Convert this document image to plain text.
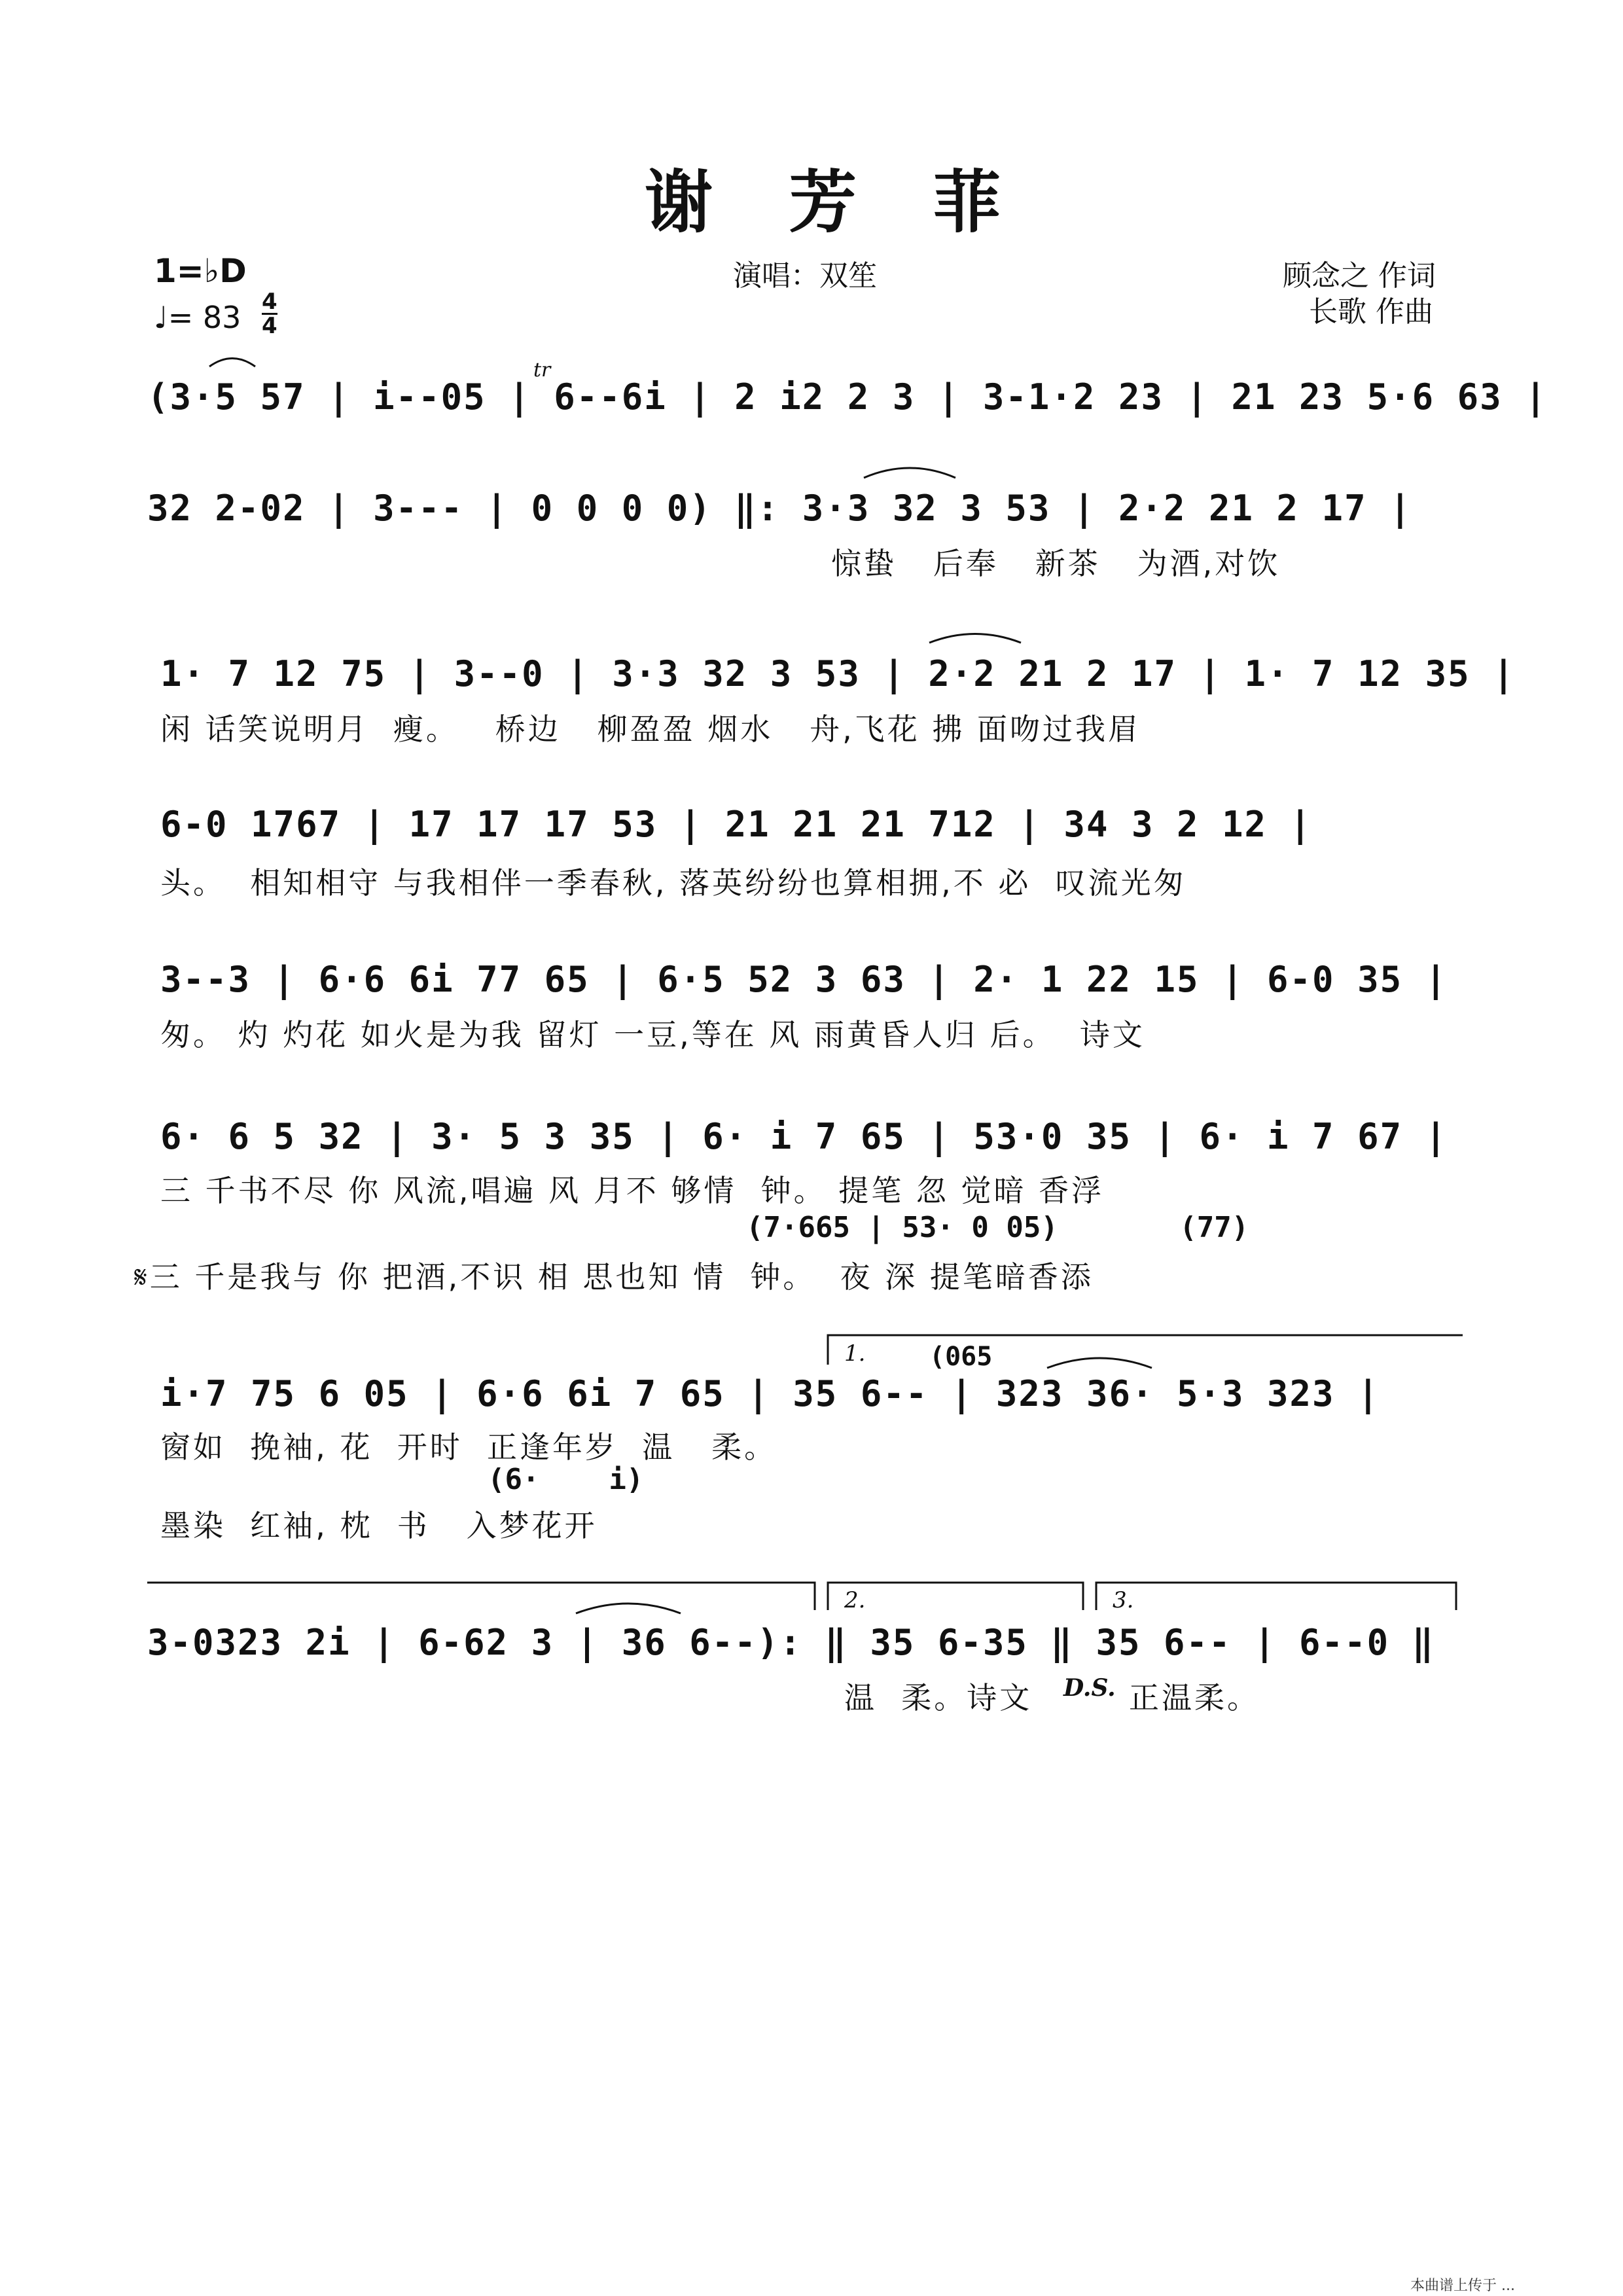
谢 芳 菲
1=♭D

4
4

♩= 83
演唱：双笙	顾念之 作词
长歌 作曲
tr
(3·5 57 | i--05 | 6--6i | 2 i2 2 3 | 3-1·2 23 | 21 23 5·6 63 |
32 2-02 | 3--- | 0 0 0 0) ‖: 3·3 32 3 53 | 2·2 21 2 17 |
惊蛰   后奉   新茶   为酒,对饮
1· 7 12 75 | 3--0 | 3·3 32 3 53 | 2·2 21 2 17 | 1· 7 12 35 |
闲 话笑说明月  瘦。   桥边   柳盈盈 烟水   舟,飞花 拂 面吻过我眉
6-0 1767 | 17 17 17 53 | 21 21 21 712 | 34 3 2 12 |
头。  相知相守 与我相伴一季春秋, 落英纷纷也算相拥,不 必  叹流光匆
3--3 | 6·6 6i 77 65 | 6·5 52 3 63 | 2· 1 22 15 | 6-0 35 |
匆。 灼 灼花 如火是为我 留灯 一豆,等在 风 雨黄昏人归 后。  诗文
6· 6 5 32 | 3· 5 3 35 | 6· i 7 65 | 53·0 35 | 6· i 7 67 |
三 千书不尽 你 风流,唱遍 风 月不 够情  钟。 提笔 忽 觉暗 香浮
(7·665 | 53· 0 05)       (77)
𝄋三 千是我与 你 把酒,不识 相 思也知 情  钟。  夜 深 提笔暗香添
1. (065
i·7 75 6 05 | 6·6 6i 7 65 | 35 6-- | 323 36· 5·3 323 |
窗如  挽袖, 花  开时  正逢年岁  温   柔。
(6·    i)
墨染  红袖, 枕  书   入梦花开
2.	3.
3-0323 2i | 6-62 3 | 36 6--): ‖ 35 6-35 ‖ 35 6-- | 6--0 ‖
温  柔。诗文 D.S. 正温柔。
本曲谱上传于 ...
